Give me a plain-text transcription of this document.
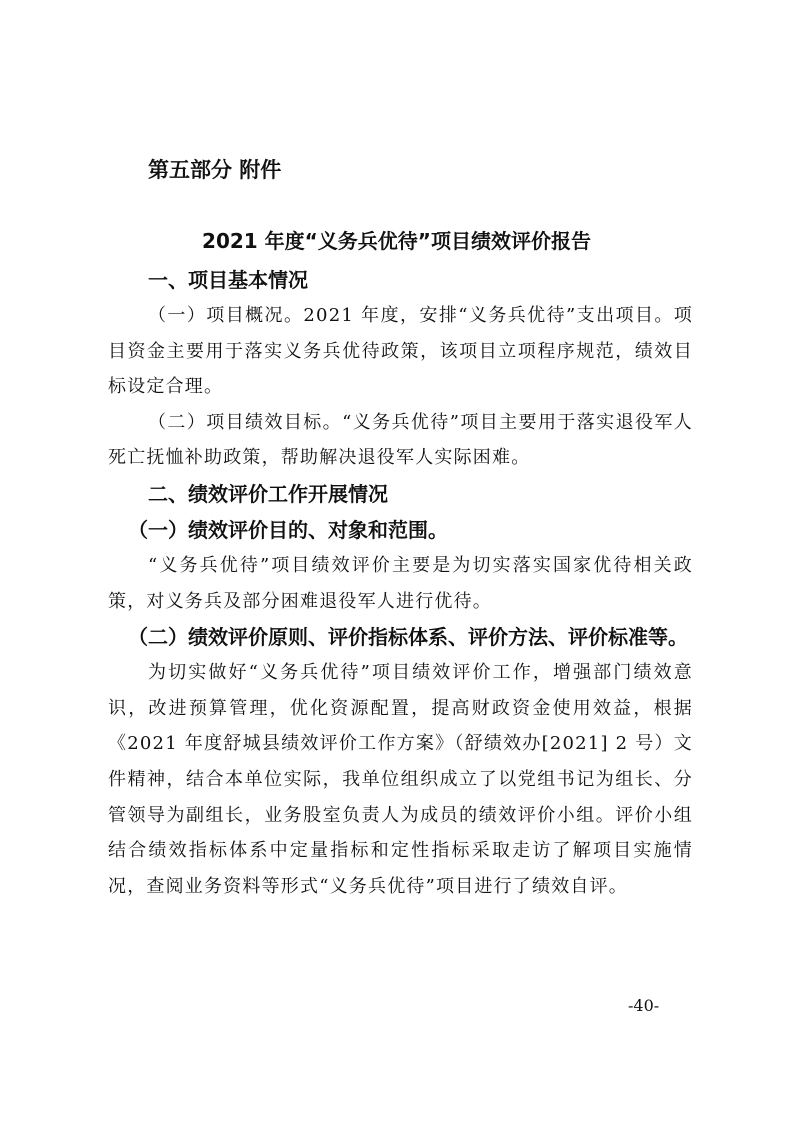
第五部分 附件
2021 年度“义务兵优待”项目绩效评价报告
一、项目基本情况

（一）项目概况。2021 年度，安排“义务兵优待”支出项目。项目资金主要用于落实义务兵优待政策，该项目立项程序规范，绩效目标设定合理。

（二）项目绩效目标。“义务兵优待”项目主要用于落实退役军人死亡抚恤补助政策，帮助解决退役军人实际困难。

二、绩效评价工作开展情况
（一）绩效评价目的、对象和范围。

“义务兵优待”项目绩效评价主要是为切实落实国家优待相关政策，对义务兵及部分困难退役军人进行优待。

（二）绩效评价原则、评价指标体系、评价方法、评价标准等。

为切实做好“义务兵优待”项目绩效评价工作，增强部门绩效意识，改进预算管理，优化资源配置，提高财政资金使用效益，根据《2021 年度舒城县绩效评价工作方案》（舒绩效办[2021] 2 号）文件精神，结合本单位实际，我单位组织成立了以党组书记为组长、分管领导为副组长，业务股室负责人为成员的绩效评价小组。评价小组结合绩效指标体系中定量指标和定性指标采取走访了解项目实施情况，查阅业务资料等形式“义务兵优待”项目进行了绩效自评。

-40-
